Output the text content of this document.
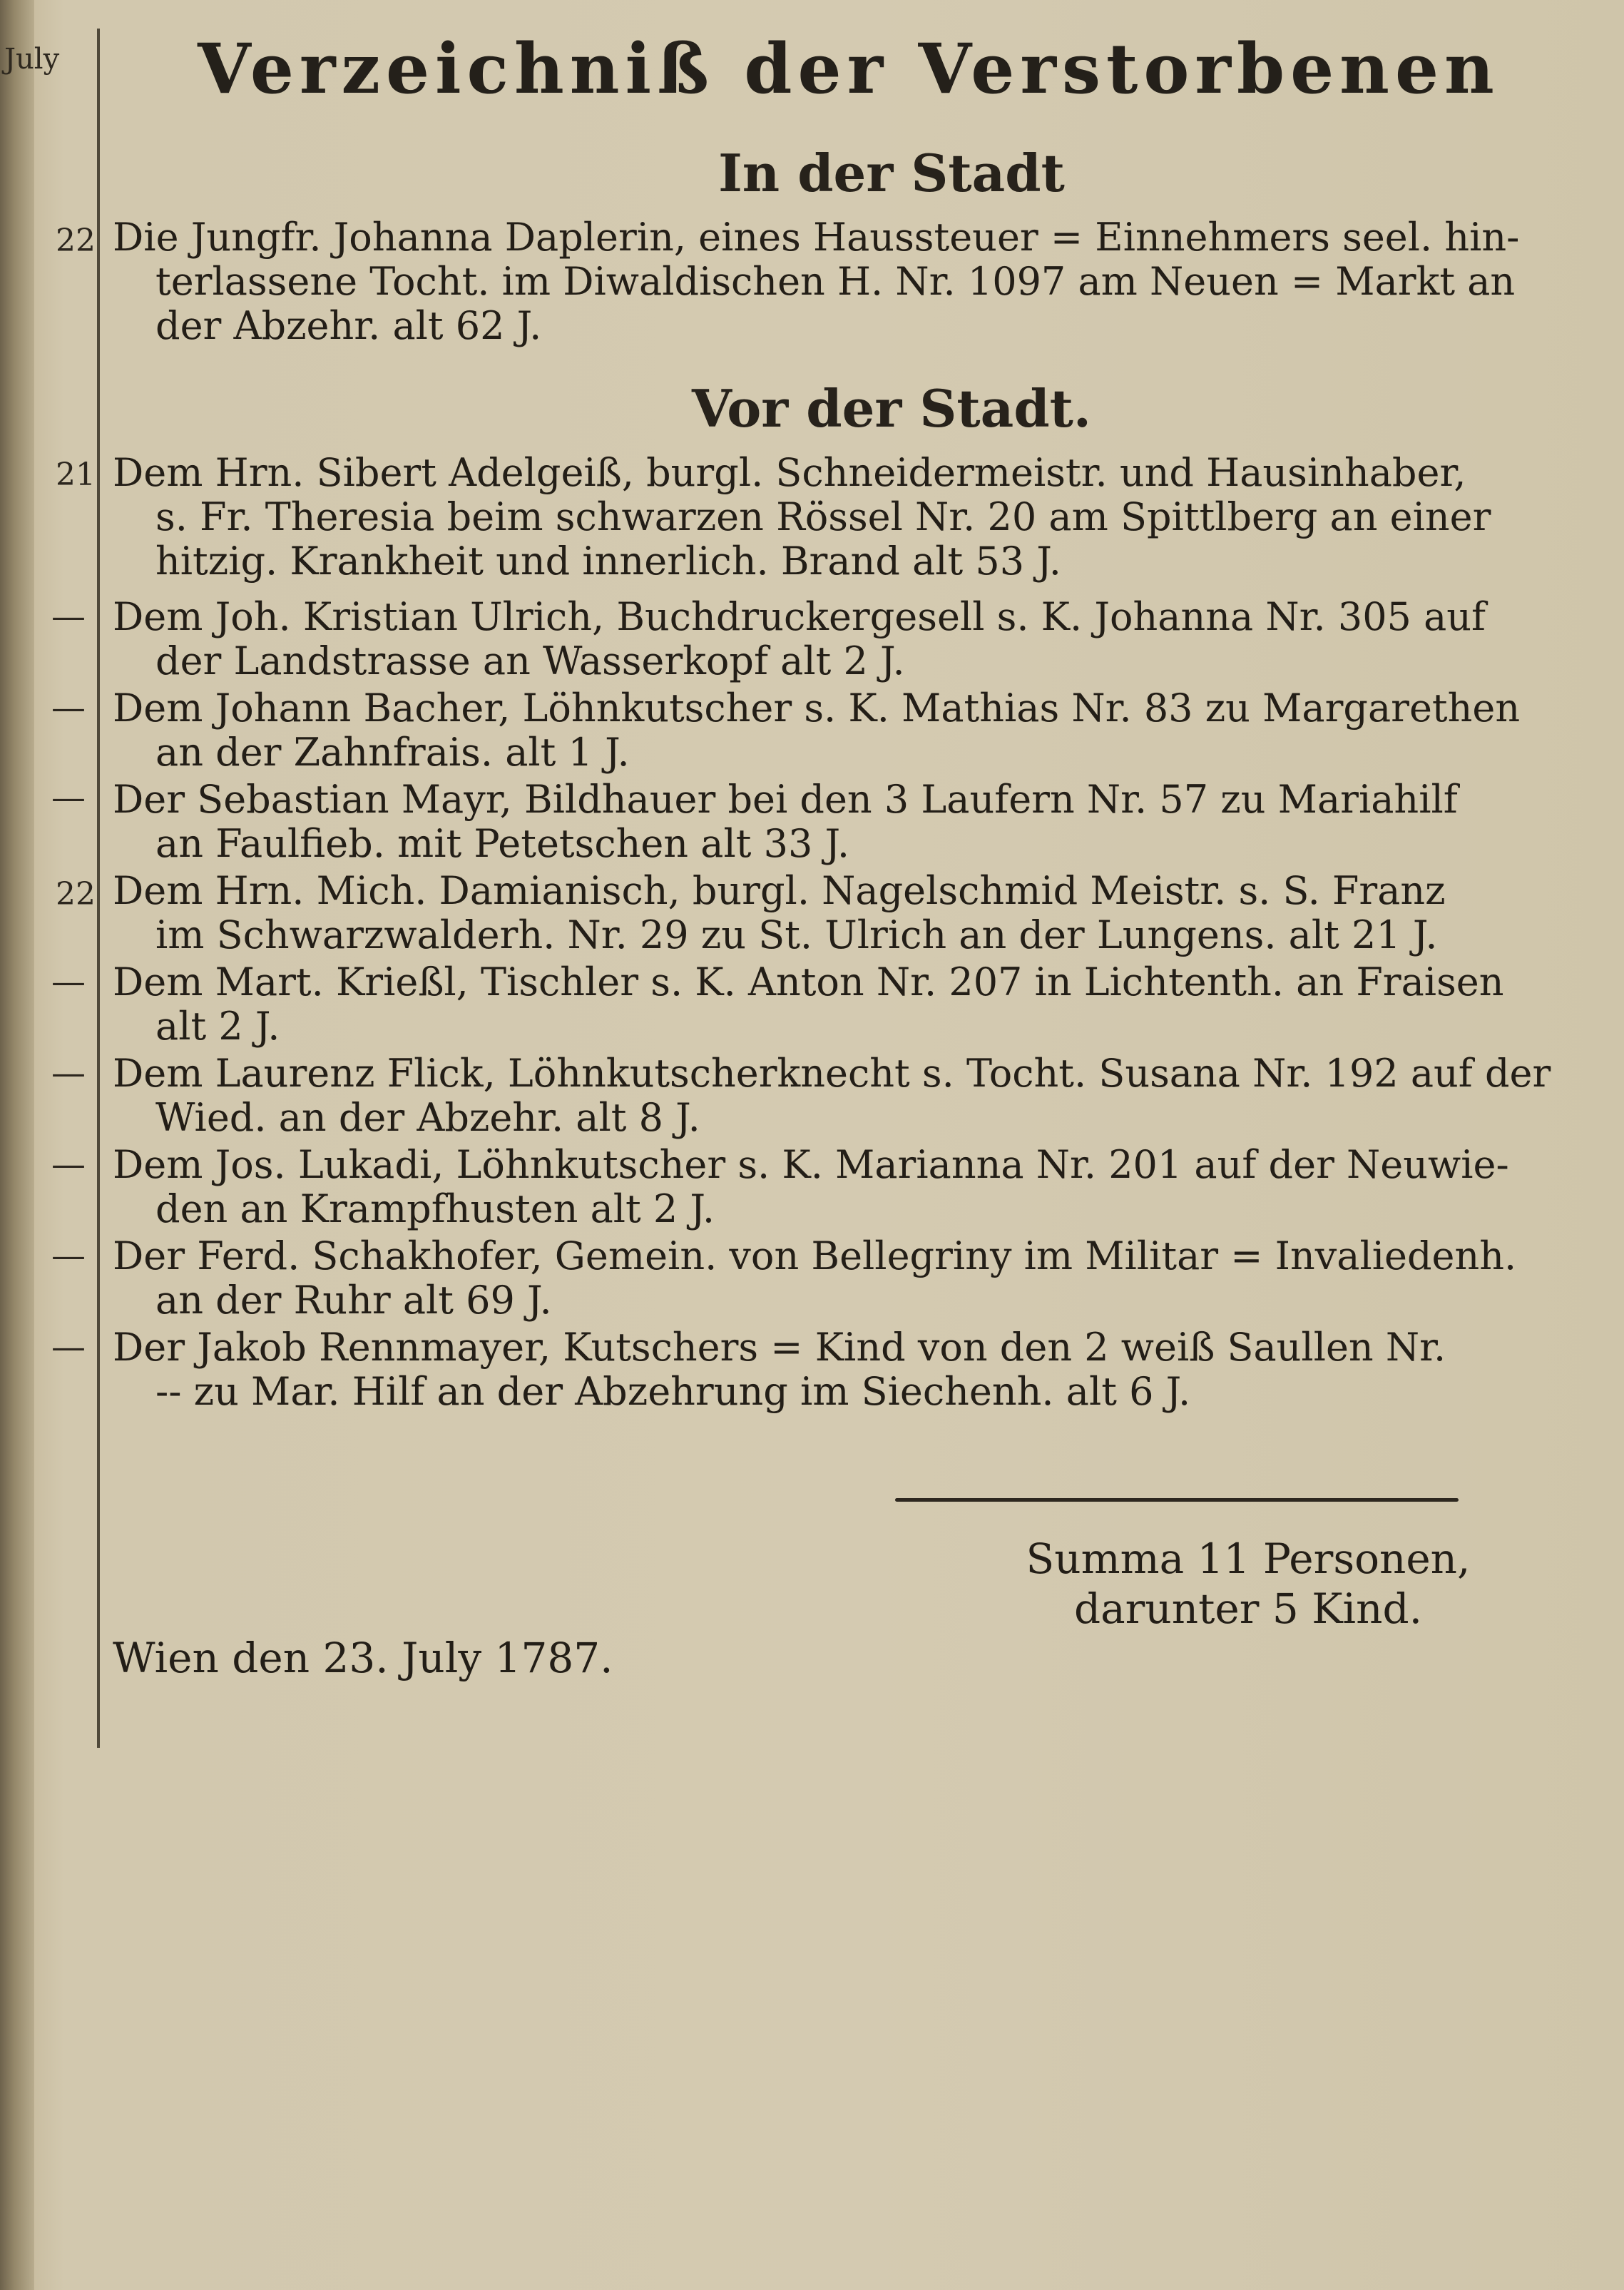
July Verzeichniß der Verstorbenen
In der Stadt
22 Die Jungfr. Johanna Daplerin, eines Haussteuer = Einnehmers seel. hin-
terlassene Tocht. im Diwaldischen H. Nr. 1097 am Neuen = Markt an
der Abzehr. alt 62 J.
Vor der Stadt.
21 Dem Hrn. Sibert Adelgeiß, burgl. Schneidermeistr. und Hausinhaber,
s. Fr. Theresia beim schwarzen Rössel Nr. 20 am Spittlberg an einer
hitzig. Krankheit und innerlich. Brand alt 53 J.
— Dem Joh. Kristian Ulrich, Buchdruckergesell s. K. Johanna Nr. 305 auf
der Landstrasse an Wasserkopf alt 2 J.
— Dem Johann Bacher, Löhnkutscher s. K. Mathias Nr. 83 zu Margarethen
an der Zahnfrais. alt 1 J.
— Der Sebastian Mayr, Bildhauer bei den 3 Laufern Nr. 57 zu Mariahilf
an Faulfieb. mit Petetschen alt 33 J.
22 Dem Hrn. Mich. Damianisch, burgl. Nagelschmid Meistr. s. S. Franz
im Schwarzwalderh. Nr. 29 zu St. Ulrich an der Lungens. alt 21 J.
— Dem Mart. Krießl, Tischler s. K. Anton Nr. 207 in Lichtenth. an Fraisen
alt 2 J.
— Dem Laurenz Flick, Löhnkutscherknecht s. Tocht. Susana Nr. 192 auf der
Wied. an der Abzehr. alt 8 J.
— Dem Jos. Lukadi, Löhnkutscher s. K. Marianna Nr. 201 auf der Neuwie-
den an Krampfhusten alt 2 J.
— Der Ferd. Schakhofer, Gemein. von Bellegriny im Militar = Invaliedenh.
an der Ruhr alt 69 J.
— Der Jakob Rennmayer, Kutschers = Kind von den 2 weiß Saullen Nr.
-- zu Mar. Hilf an der Abzehrung im Siechenh. alt 6 J.
Summa 11 Personen,
darunter 5 Kind.
Wien den 23. July 1787.
